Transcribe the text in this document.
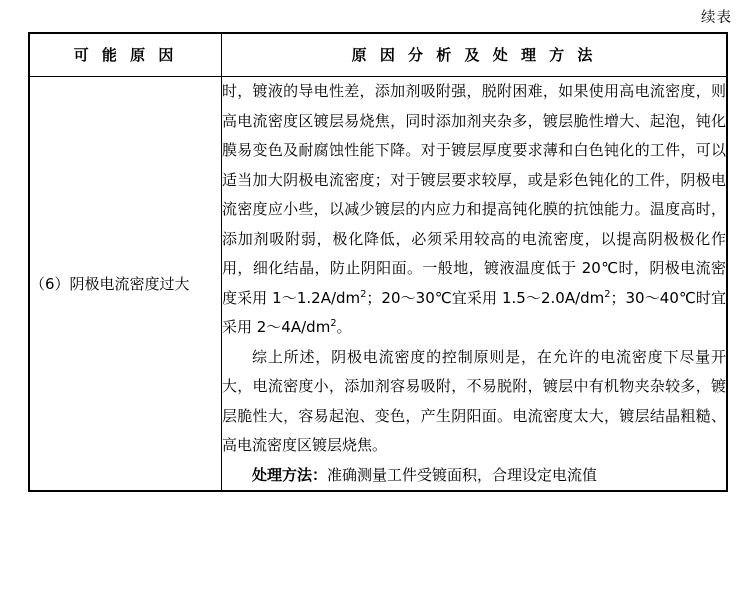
续表
可 能 原 因	原 因 分 析 及 处 理 方 法
（6）阴极电流密度过大	时，镀液的导电性差，添加剂吸附强，脱附困难，如果使用高电流密度，则高电流密度区镀层易烧焦，同时添加剂夹杂多，镀层脆性增大、起泡，钝化膜易变色及耐腐蚀性能下降。对于镀层厚度要求薄和白色钝化的工件，可以适当加大阴极电流密度；对于镀层要求较厚，或是彩色钝化的工件，阴极电流密度应小些，以减少镀层的内应力和提高钝化膜的抗蚀能力。温度高时，添加剂吸附弱，极化降低，必须采用较高的电流密度，以提高阴极极化作用，细化结晶，防止阴阳面。一般地，镀液温度低于 20℃时，阴极电流密度采用 $1\sim 1.2A/dm^2$；20～30℃宜采用 $1.5\sim 2.0A/dm^2$；30～40℃时宜采用 $2\sim 4A/dm^2$。

综上所述，阴极电流密度的控制原则是，在允许的电流密度下尽量开大，电流密度小，添加剂容易吸附，不易脱附，镀层中有机物夹杂较多，镀层脆性大，容易起泡、变色，产生阴阳面。电流密度太大，镀层结晶粗糙、高电流密度区镀层烧焦。

处理方法：准确测量工件受镀面积，合理设定电流值
